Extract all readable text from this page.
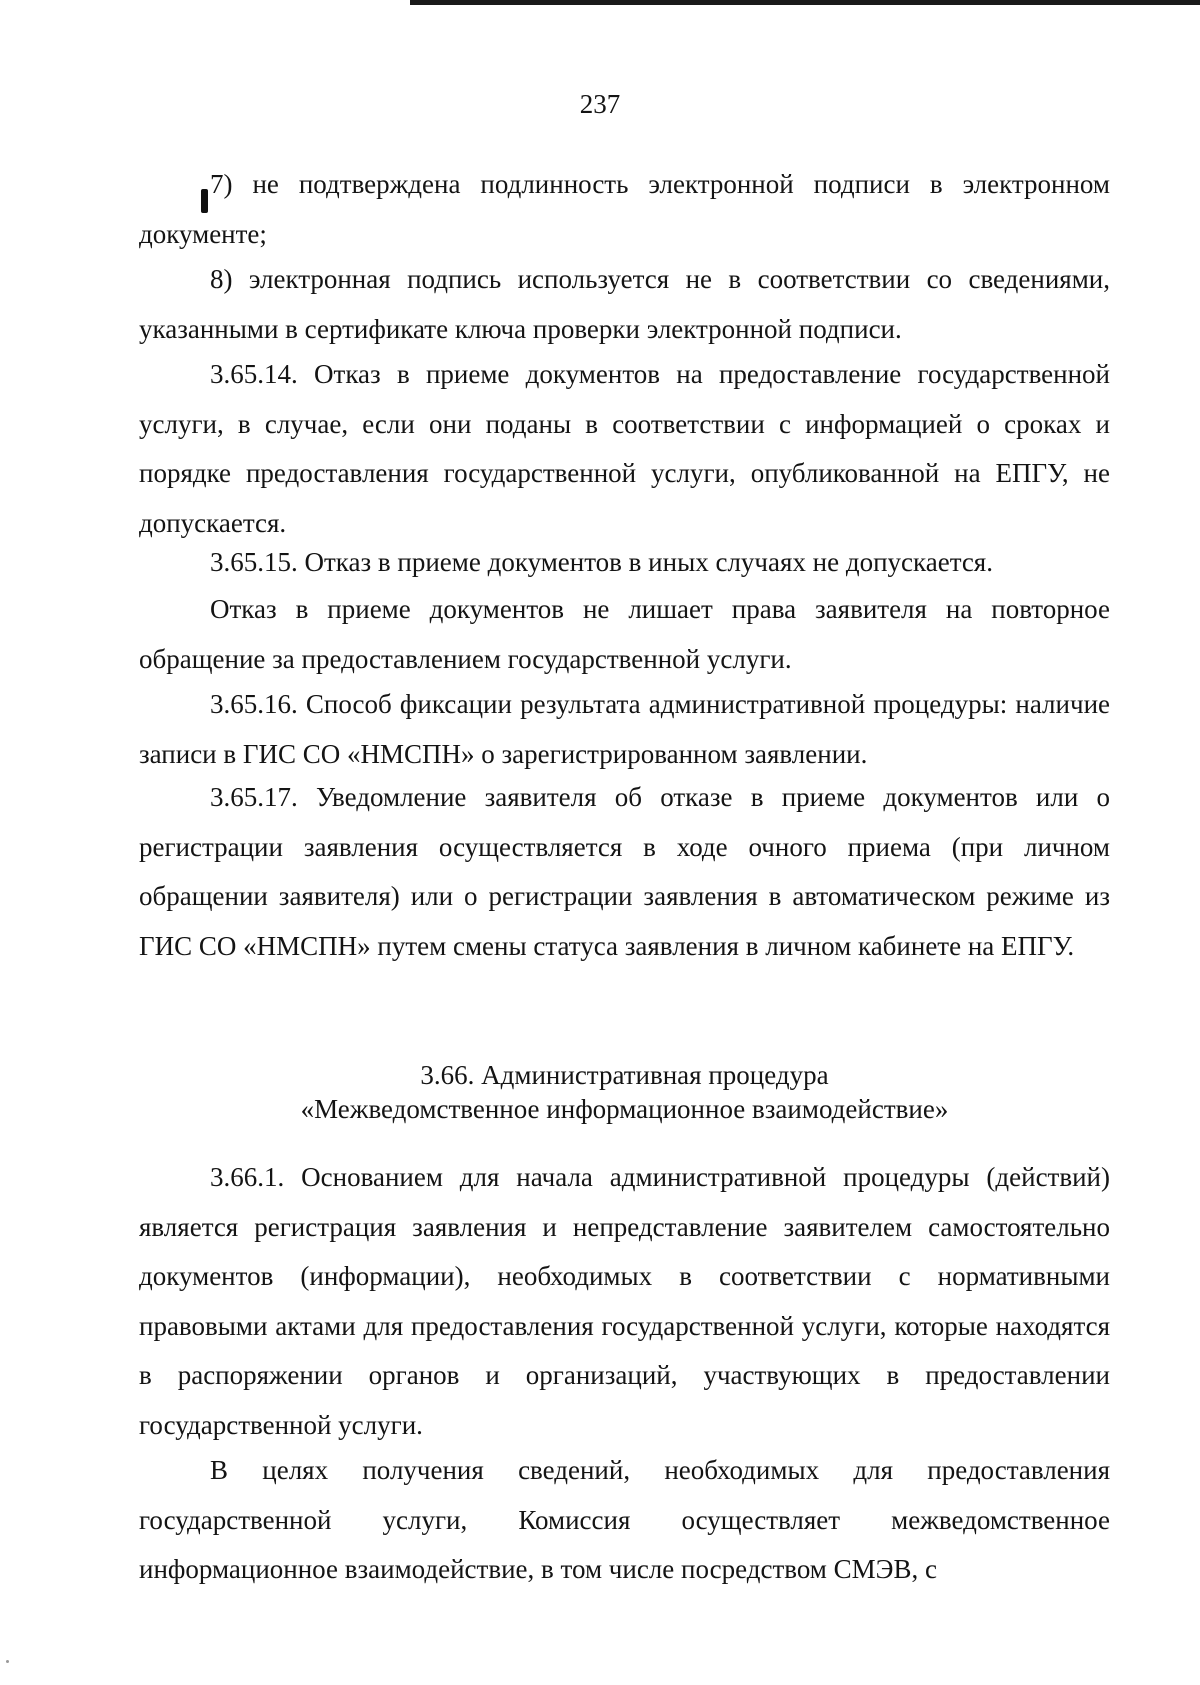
237

7) не подтверждена подлинность электронной подписи в электронном документе;

8) электронная подпись используется не в соответствии со сведениями, указанными в сертификате ключа проверки электронной подписи.

3.65.14. Отказ в приеме документов на предоставление государственной услуги, в случае, если они поданы в соответствии с информацией о сроках и порядке предоставления государственной услуги, опубликованной на ЕПГУ, не допускается.

3.65.15. Отказ в приеме документов в иных случаях не допускается.

Отказ в приеме документов не лишает права заявителя на повторное обращение за предоставлением государственной услуги.

3.65.16. Способ фиксации результата административной процедуры: наличие записи в ГИС СО «НМСПН» о зарегистрированном заявлении.

3.65.17. Уведомление заявителя об отказе в приеме документов или о регистрации заявления осуществляется в ходе очного приема (при личном обращении заявителя) или о регистрации заявления в автоматическом режиме из ГИС СО «НМСПН» путем смены статуса заявления в личном кабинете на ЕПГУ.

3.66. Административная процедура
«Межведомственное информационное взаимодействие»

3.66.1. Основанием для начала административной процедуры (действий) является регистрация заявления и непредставление заявителем самостоятельно документов (информации), необходимых в соответствии с нормативными правовыми актами для предоставления государственной услуги, которые находятся в распоряжении органов и организаций, участвующих в предоставлении государственной услуги.

В целях получения сведений, необходимых для предоставления государственной услуги, Комиссия осуществляет межведомственное информационное взаимодействие, в том числе посредством СМЭВ, с
